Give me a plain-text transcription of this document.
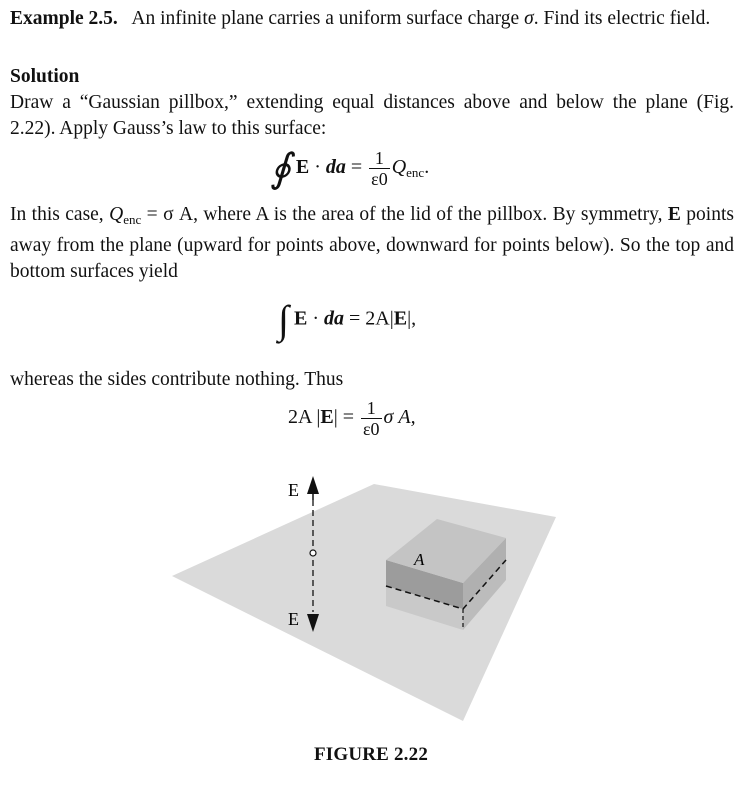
Example 2.5. An infinite plane carries a uniform surface charge σ. Find its electric field.
Solution
Draw a “Gaussian pillbox,” extending equal distances above and below the plane (Fig. 2.22). Apply Gauss’s law to this surface:
∮ E · da = $\frac{1}{\varepsilon 0} Q_{enc}$.
In this case, $Q_{enc} = \sigma$ A, where A is the area of the lid of the pillbox. By symmetry, E points away from the plane (upward for points above, downward for points below). So the top and bottom surfaces yield
∫ E · da = 2A|E|,
whereas the sides contribute nothing. Thus
2A $|E| = \frac{1}{\varepsilon 0}$ σ A,
E
E
A
FIGURE 2.22
